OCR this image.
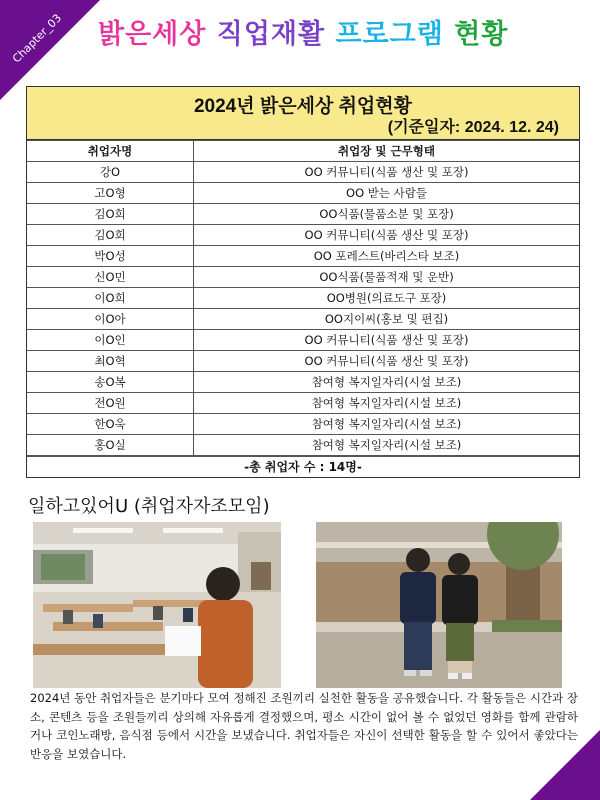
Chapter_03 밝은세상 직업재활 프로그램 현황
2024년 밝은세상 취업현황
(기준일자: 2024. 12. 24)
취업자명	취업장 및 근무형태
강O	OO 커뮤니티(식품 생산 및 포장)
고O형	OO 받는 사람들
김O희	OO식품(물품소분 및 포장)
김O희	OO 커뮤니티(식품 생산 및 포장)
박O성	OO 포레스트(바리스타 보조)
신O민	OO식품(물품적재 및 운반)
이O희	OO병원(의료도구 포장)
이O아	OO지이씨(홍보 및 편집)
이O인	OO 커뮤니티(식품 생산 및 포장)
최O혁	OO 커뮤니티(식품 생산 및 포장)
송O복	참여형 복지일자리(시설 보조)
전O원	참여형 복지일자리(시설 보조)
한O욱	참여형 복지일자리(시설 보조)
홍O실	참여형 복지일자리(시설 보조)
-총 취업자 수 : 14명-
일하고있어U (취업자자조모임)
2024년 동안 취업자들은 분기마다 모여 정해진 조원끼리 실천한 활동을 공유했습니다. 각 활동들은 시간과 장소, 콘텐츠 등을 조원들끼리 상의해 자유롭게 결정했으며, 평소 시간이 없어 볼 수 없었던 영화를 함께 관람하거나 코인노래방, 음식점 등에서 시간을 보냈습니다. 취업자들은 자신이 선택한 활동을 할 수 있어서 좋았다는 반응을 보였습니다.
